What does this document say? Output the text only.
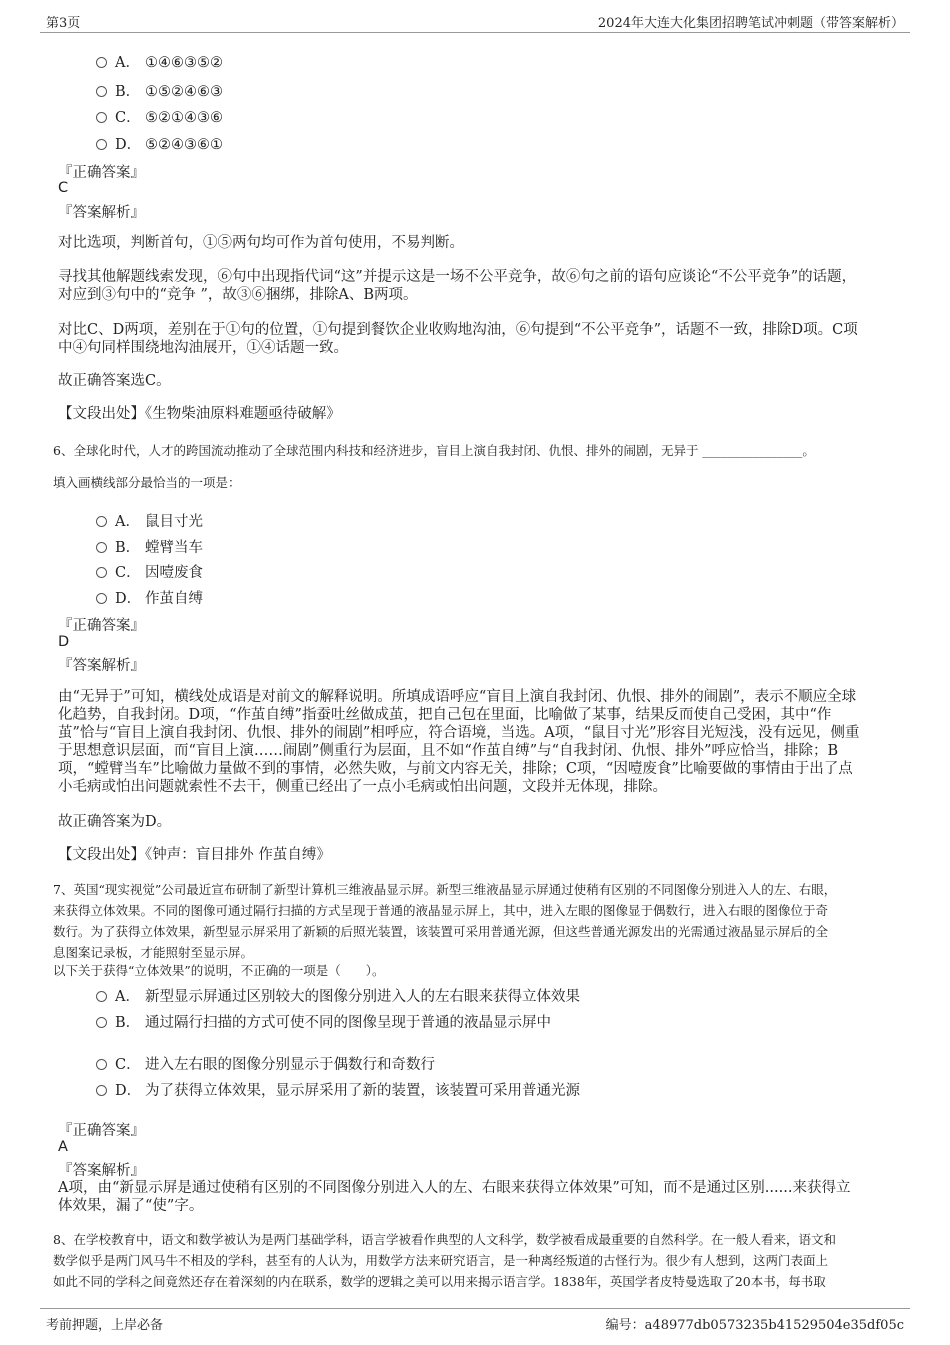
第3页	2024年大连大化集团招聘笔试冲刺题（带答案解析）
A． ①④⑥③⑤②
B． ①⑤②④⑥③
C． ⑤②①④③⑥
D． ⑤②④③⑥①
『正确答案』
C
『答案解析』
对比选项，判断首句，①⑤两句均可作为首句使用，不易判断。
寻找其他解题线索发现，⑥句中出现指代词“这”并提示这是一场不公平竞争，故⑥句之前的语句应谈论“不公平竞争”的话题，
对应到③句中的“竞争 ”，故③⑥捆绑，排除A、B两项。
对比C、D两项，差别在于①句的位置，①句提到餐饮企业收购地沟油，⑥句提到“不公平竞争”，话题不一致，排除D项。C项
中④句同样围绕地沟油展开，①④话题一致。
故正确答案选C。
【文段出处】《生物柴油原料难题亟待破解》
6、全球化时代，人才的跨国流动推动了全球范围内科技和经济进步，盲目上演自我封闭、仇恨、排外的闹剧，无异于 ________________。
填入画横线部分最恰当的一项是：
A． 鼠目寸光
B． 螳臂当车
C． 因噎废食
D． 作茧自缚
『正确答案』
D
『答案解析』
由“无异于”可知，横线处成语是对前文的解释说明。所填成语呼应“盲目上演自我封闭、仇恨、排外的闹剧”，表示不顺应全球
化趋势，自我封闭。D项，“作茧自缚”指蚕吐丝做成茧，把自己包在里面，比喻做了某事，结果反而使自己受困，其中“作
茧”恰与“盲目上演自我封闭、仇恨、排外的闹剧”相呼应，符合语境，当选。A项，“鼠目寸光”形容目光短浅，没有远见，侧重
于思想意识层面，而“盲目上演……闹剧”侧重行为层面，且不如“作茧自缚”与“自我封闭、仇恨、排外”呼应恰当，排除；B
项，“螳臂当车”比喻做力量做不到的事情，必然失败，与前文内容无关，排除；C项，“因噎废食”比喻要做的事情由于出了点
小毛病或怕出问题就索性不去干，侧重已经出了一点小毛病或怕出问题，文段并无体现，排除。
故正确答案为D。
【文段出处】《钟声：盲目排外 作茧自缚》
7、英国“现实视觉”公司最近宣布研制了新型计算机三维液晶显示屏。新型三维液晶显示屏通过使稍有区别的不同图像分别进入人的左、右眼，
来获得立体效果。不同的图像可通过隔行扫描的方式呈现于普通的液晶显示屏上，其中，进入左眼的图像显于偶数行，进入右眼的图像位于奇
数行。为了获得立体效果，新型显示屏采用了新颖的后照光装置，该装置可采用普通光源，但这些普通光源发出的光需通过液晶显示屏后的全
息图案记录板，才能照射至显示屏。
以下关于获得“立体效果”的说明，不正确的一项是（　　）。
A． 新型显示屏通过区别较大的图像分别进入人的左右眼来获得立体效果
B． 通过隔行扫描的方式可使不同的图像呈现于普通的液晶显示屏中
C． 进入左右眼的图像分别显示于偶数行和奇数行
D． 为了获得立体效果，显示屏采用了新的装置，该装置可采用普通光源
『正确答案』
A
『答案解析』
A项，由“新显示屏是通过使稍有区别的不同图像分别进入人的左、右眼来获得立体效果”可知，而不是通过区别......来获得立
体效果，漏了“使”字。
8、在学校教育中，语文和数学被认为是两门基础学科，语言学被看作典型的人文科学，数学被看成最重要的自然科学。在一般人看来，语文和
数学似乎是两门风马牛不相及的学科，甚至有的人认为，用数学方法来研究语言，是一种离经叛道的古怪行为。很少有人想到，这两门表面上
如此不同的学科之间竟然还存在着深刻的内在联系，数学的逻辑之美可以用来揭示语言学。1838年，英国学者皮特曼选取了20本书，每书取
考前押题，上岸必备	编号：a48977db0573235b41529504e35df05c
